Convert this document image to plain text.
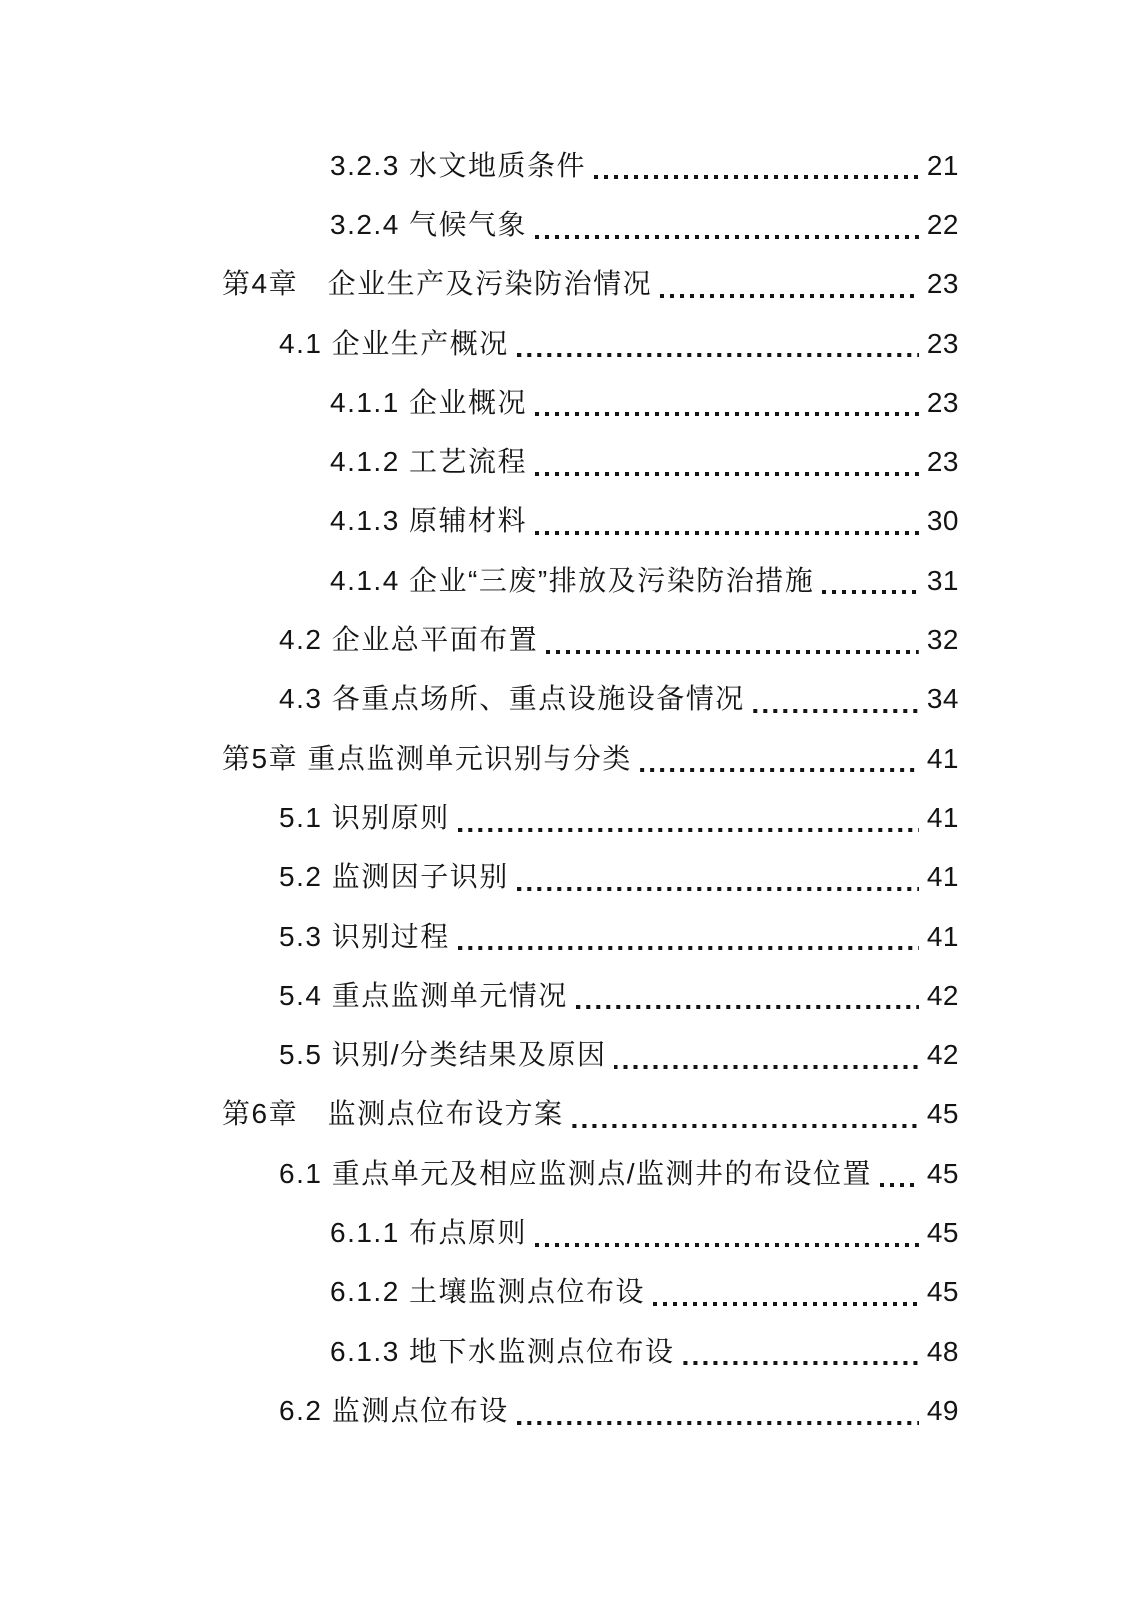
3.2.3 水文地质条件	21
3.2.4 气候气象	22
第4章　企业生产及污染防治情况	23
4.1 企业生产概况	23
4.1.1 企业概况	23
4.1.2 工艺流程	23
4.1.3 原辅材料	30
4.1.4 企业“三废”排放及污染防治措施	31
4.2 企业总平面布置	32
4.3 各重点场所、重点设施设备情况	34
第5章 重点监测单元识别与分类	41
5.1 识别原则	41
5.2 监测因子识别	41
5.3 识别过程	41
5.4 重点监测单元情况	42
5.5 识别/分类结果及原因	42
第6章　监测点位布设方案	45
6.1 重点单元及相应监测点/监测井的布设位置 45
6.1.1 布点原则	45
6.1.2 土壤监测点位布设	45
6.1.3 地下水监测点位布设	48
6.2 监测点位布设	49
